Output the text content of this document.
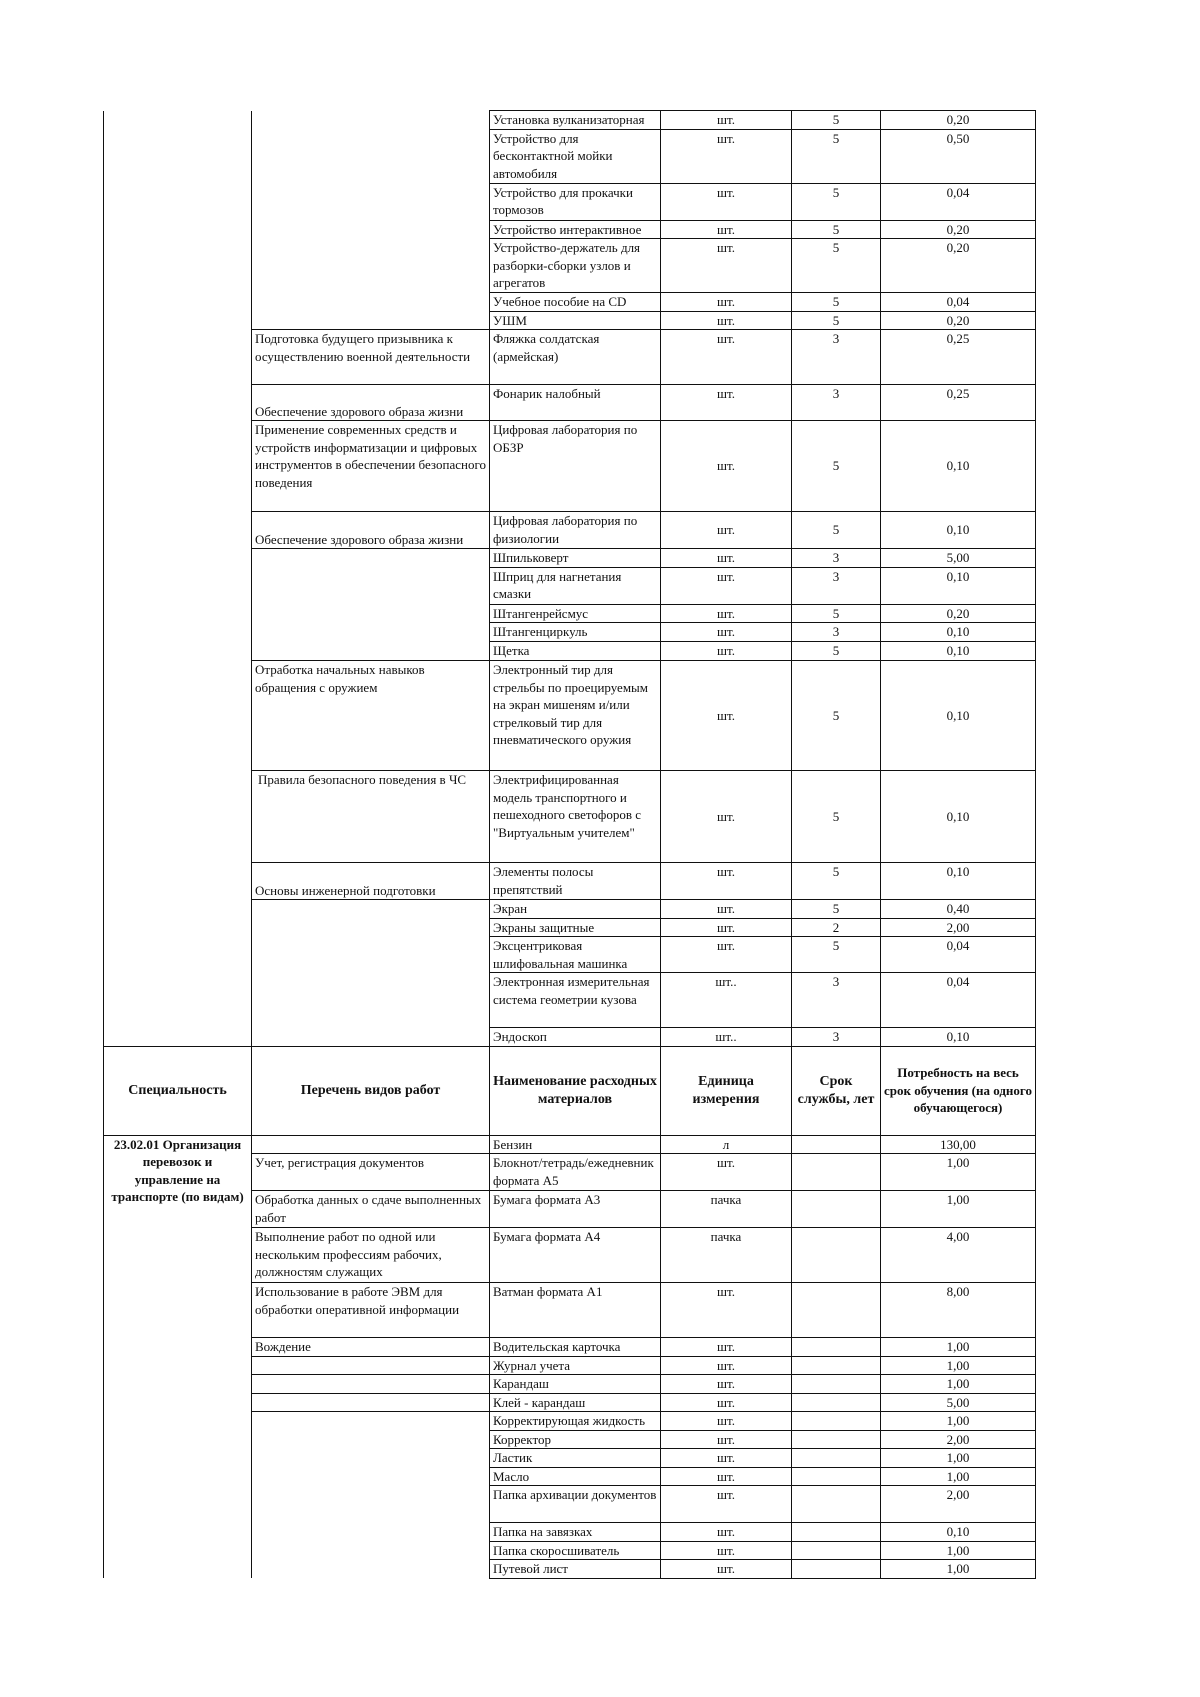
		Установка вулканизаторная	шт.	5	0,20
		Устройство для бесконтактной мойки автомобиля	шт.	5	0,50
		Устройство для прокачки тормозов	шт.	5	0,04
		Устройство интерактивное	шт.	5	0,20
		Устройство-держатель для разборки-сборки узлов и агрегатов	шт.	5	0,20
		Учебное пособие на CD	шт.	5	0,04
		УШМ	шт.	5	0,20
	Подготовка будущего призывника к осуществлению военной деятельности	Фляжка солдатская (армейская)	шт.	3	0,25
	Обеспечение здорового образа жизни	Фонарик налобный	шт.	3	0,25
	Применение современных средств и устройств информатизации и цифровых инструментов в обеспечении безопасного поведения	Цифровая лаборатория по ОБЗР	шт.	5	0,10
	Обеспечение здорового образа жизни	Цифровая лаборатория по физиологии	шт.	5	0,10
		Шпильковерт	шт.	3	5,00
		Шприц для нагнетания смазки	шт.	3	0,10
		Штангенрейсмус	шт.	5	0,20
		Штангенциркуль	шт.	3	0,10
		Щетка	шт.	5	0,10
	Отработка начальных навыков обращения с оружием	Электронный тир для стрельбы по проецируемым на экран мишеням и/или стрелковый тир для пневматического оружия	шт.	5	0,10
	Правила безопасного поведения в ЧС	Электрифицированная модель транспортного и пешеходного светофоров с "Виртуальным учителем"	шт.	5	0,10
	Основы инженерной подготовки	Элементы полосы препятствий	шт.	5	0,10
		Экран	шт.	5	0,40
		Экраны защитные	шт.	2	2,00
		Эксцентриковая шлифовальная машинка	шт.	5	0,04
		Электронная измерительная система геометрии кузова	шт..	3	0,04
		Эндоскоп	шт..	3	0,10
Специальность	Перечень видов работ	Наименование расходных материалов	Единица измерения	Срок службы, лет	Потребность на весь срок обучения (на одного обучающегося)
23.02.01 Организация перевозок и управление на транспорте (по видам)		Бензин	л		130,00
	Учет, регистрация документов	Блокнот/тетрадь/ежедневник формата А5	шт.		1,00
	Обработка данных о сдаче выполненных работ	Бумага формата А3	пачка		1,00
	Выполнение работ по одной или нескольким профессиям рабочих, должностям служащих	Бумага формата А4	пачка		4,00
	Использование в работе ЭВМ для обработки оперативной информации	Ватман формата А1	шт.		8,00
	Вождение	Водительская карточка	шт.		1,00
		Журнал учета	шт.		1,00
		Карандаш	шт.		1,00
		Клей - карандаш	шт.		5,00
		Корректирующая жидкость	шт.		1,00
		Корректор	шт.		2,00
		Ластик	шт.		1,00
		Масло	шт.		1,00
		Папка архивации документов	шт.		2,00
		Папка на завязках	шт.		0,10
		Папка скоросшиватель	шт.		1,00
		Путевой лист	шт.		1,00
